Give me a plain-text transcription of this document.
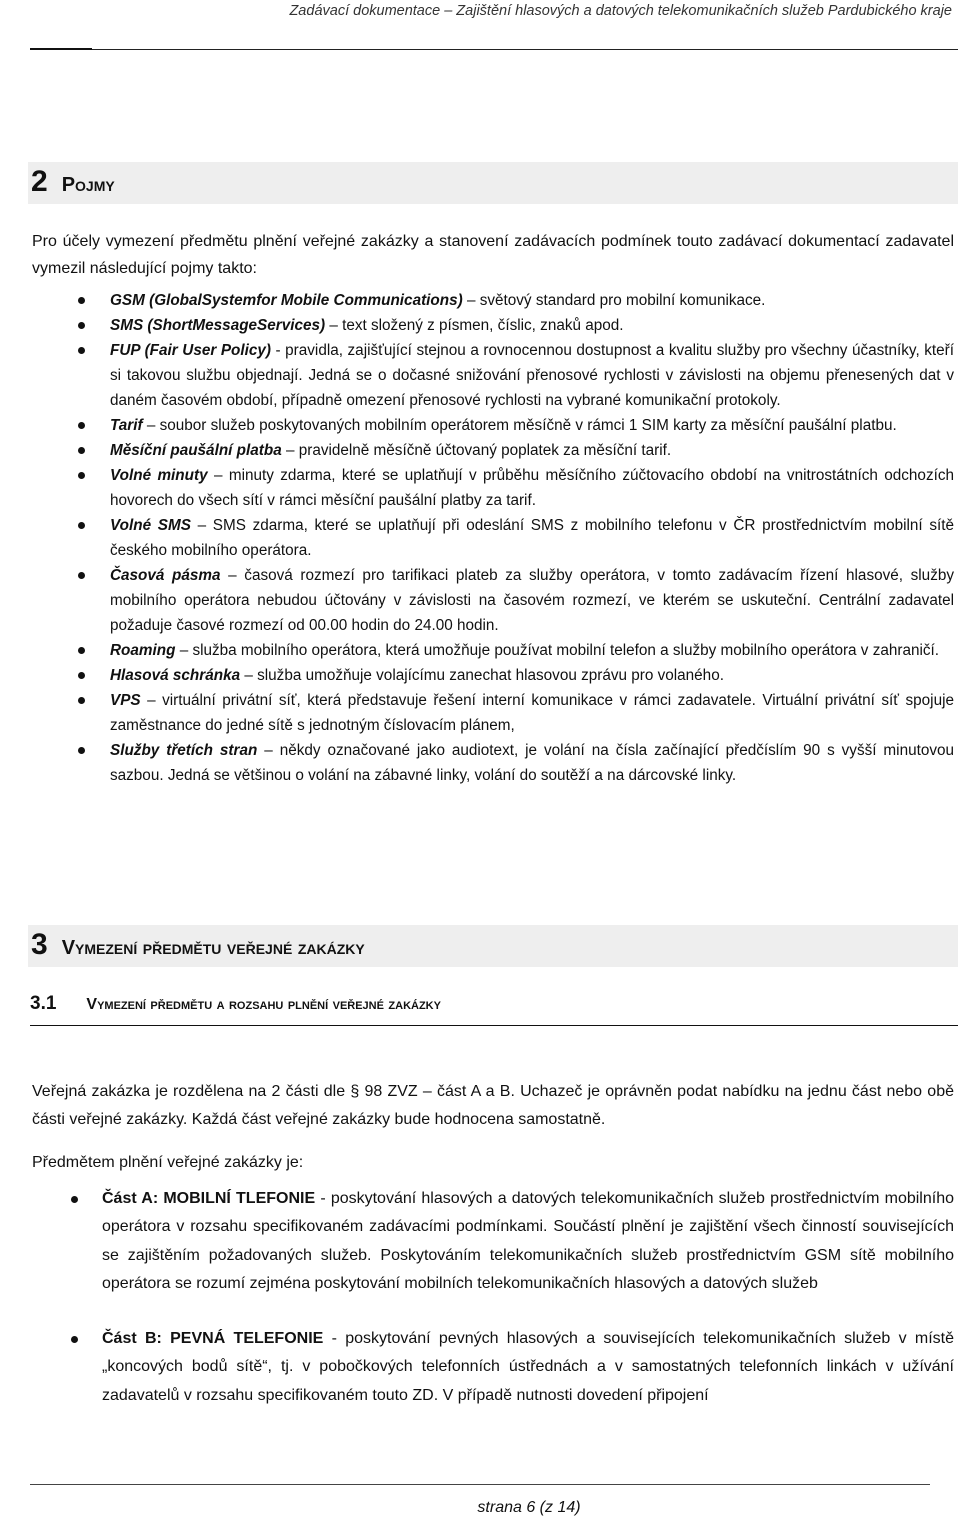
Zadávací dokumentace – Zajištění hlasových a datových telekomunikačních služeb Pardubického kraje
2 Pojmy

Pro účely vymezení předmětu plnění veřejné zakázky a stanovení zadávacích podmínek touto zadávací dokumentací zadavatel vymezil následující pojmy takto:

GSM (GlobalSystemfor Mobile Communications) – světový standard pro mobilní komunikace.
SMS (ShortMessageServices) – text složený z písmen, číslic, znaků apod.
FUP (Fair User Policy) - pravidla, zajišťující stejnou a rovnocennou dostupnost a kvalitu služby pro všechny účastníky, kteří si takovou službu objednají. Jedná se o dočasné snižování přenosové rychlosti v závislosti na objemu přenesených dat v daném časovém období, případně omezení přenosové rychlosti na vybrané komunikační protokoly.
Tarif – soubor služeb poskytovaných mobilním operátorem měsíčně v rámci 1 SIM karty za měsíční paušální platbu.
Měsíční paušální platba – pravidelně měsíčně účtovaný poplatek za měsíční tarif.
Volné minuty – minuty zdarma, které se uplatňují v průběhu měsíčního zúčtovacího období na vnitrostátních odchozích hovorech do všech sítí v rámci měsíční paušální platby za tarif.
Volné SMS – SMS zdarma, které se uplatňují při odeslání SMS z mobilního telefonu v ČR prostřednictvím mobilní sítě českého mobilního operátora.
Časová pásma – časová rozmezí pro tarifikaci plateb za služby operátora, v tomto zadávacím řízení hlasové, služby mobilního operátora nebudou účtovány v závislosti na časovém rozmezí, ve kterém se uskuteční. Centrální zadavatel požaduje časové rozmezí od 00.00 hodin do 24.00 hodin.
Roaming – služba mobilního operátora, která umožňuje používat mobilní telefon a služby mobilního operátora v zahraničí.
Hlasová schránka – služba umožňuje volajícímu zanechat hlasovou zprávu pro volaného.
VPS – virtuální privátní síť, která představuje řešení interní komunikace v rámci zadavatele. Virtuální privátní síť spojuje zaměstnance do jedné sítě s jednotným číslovacím plánem,
Služby třetích stran – někdy označované jako audiotext, je volání na čísla začínající předčíslím 90 s vyšší minutovou sazbou. Jedná se většinou o volání na zábavné linky, volání do soutěží a na dárcovské linky.
3 Vymezení předmětu veřejné zakázky
3.1 Vymezení předmětu a rozsahu plnění veřejné zakázky

Veřejná zakázka je rozdělena na 2 části dle § 98 ZVZ – část A a B. Uchazeč je oprávněn podat nabídku na jednu část nebo obě části veřejné zakázky. Každá část veřejné zakázky bude hodnocena samostatně.

Předmětem plnění veřejné zakázky je:

Část A: MOBILNÍ TLEFONIE - poskytování hlasových a datových telekomunikačních služeb prostřednictvím mobilního operátora v rozsahu specifikovaném zadávacími podmínkami. Součástí plnění je zajištění všech činností souvisejících se zajištěním požadovaných služeb. Poskytováním telekomunikačních služeb prostřednictvím GSM sítě mobilního operátora se rozumí zejména poskytování mobilních telekomunikačních hlasových a datových služeb
Část B: PEVNÁ TELEFONIE - poskytování pevných hlasových a souvisejících telekomunikačních služeb v místě „koncových bodů sítě“, tj. v pobočkových telefonních ústřednách a v samostatných telefonních linkách v užívání zadavatelů v rozsahu specifikovaném touto ZD. V případě nutnosti dovedení připojení
strana 6 (z 14)
